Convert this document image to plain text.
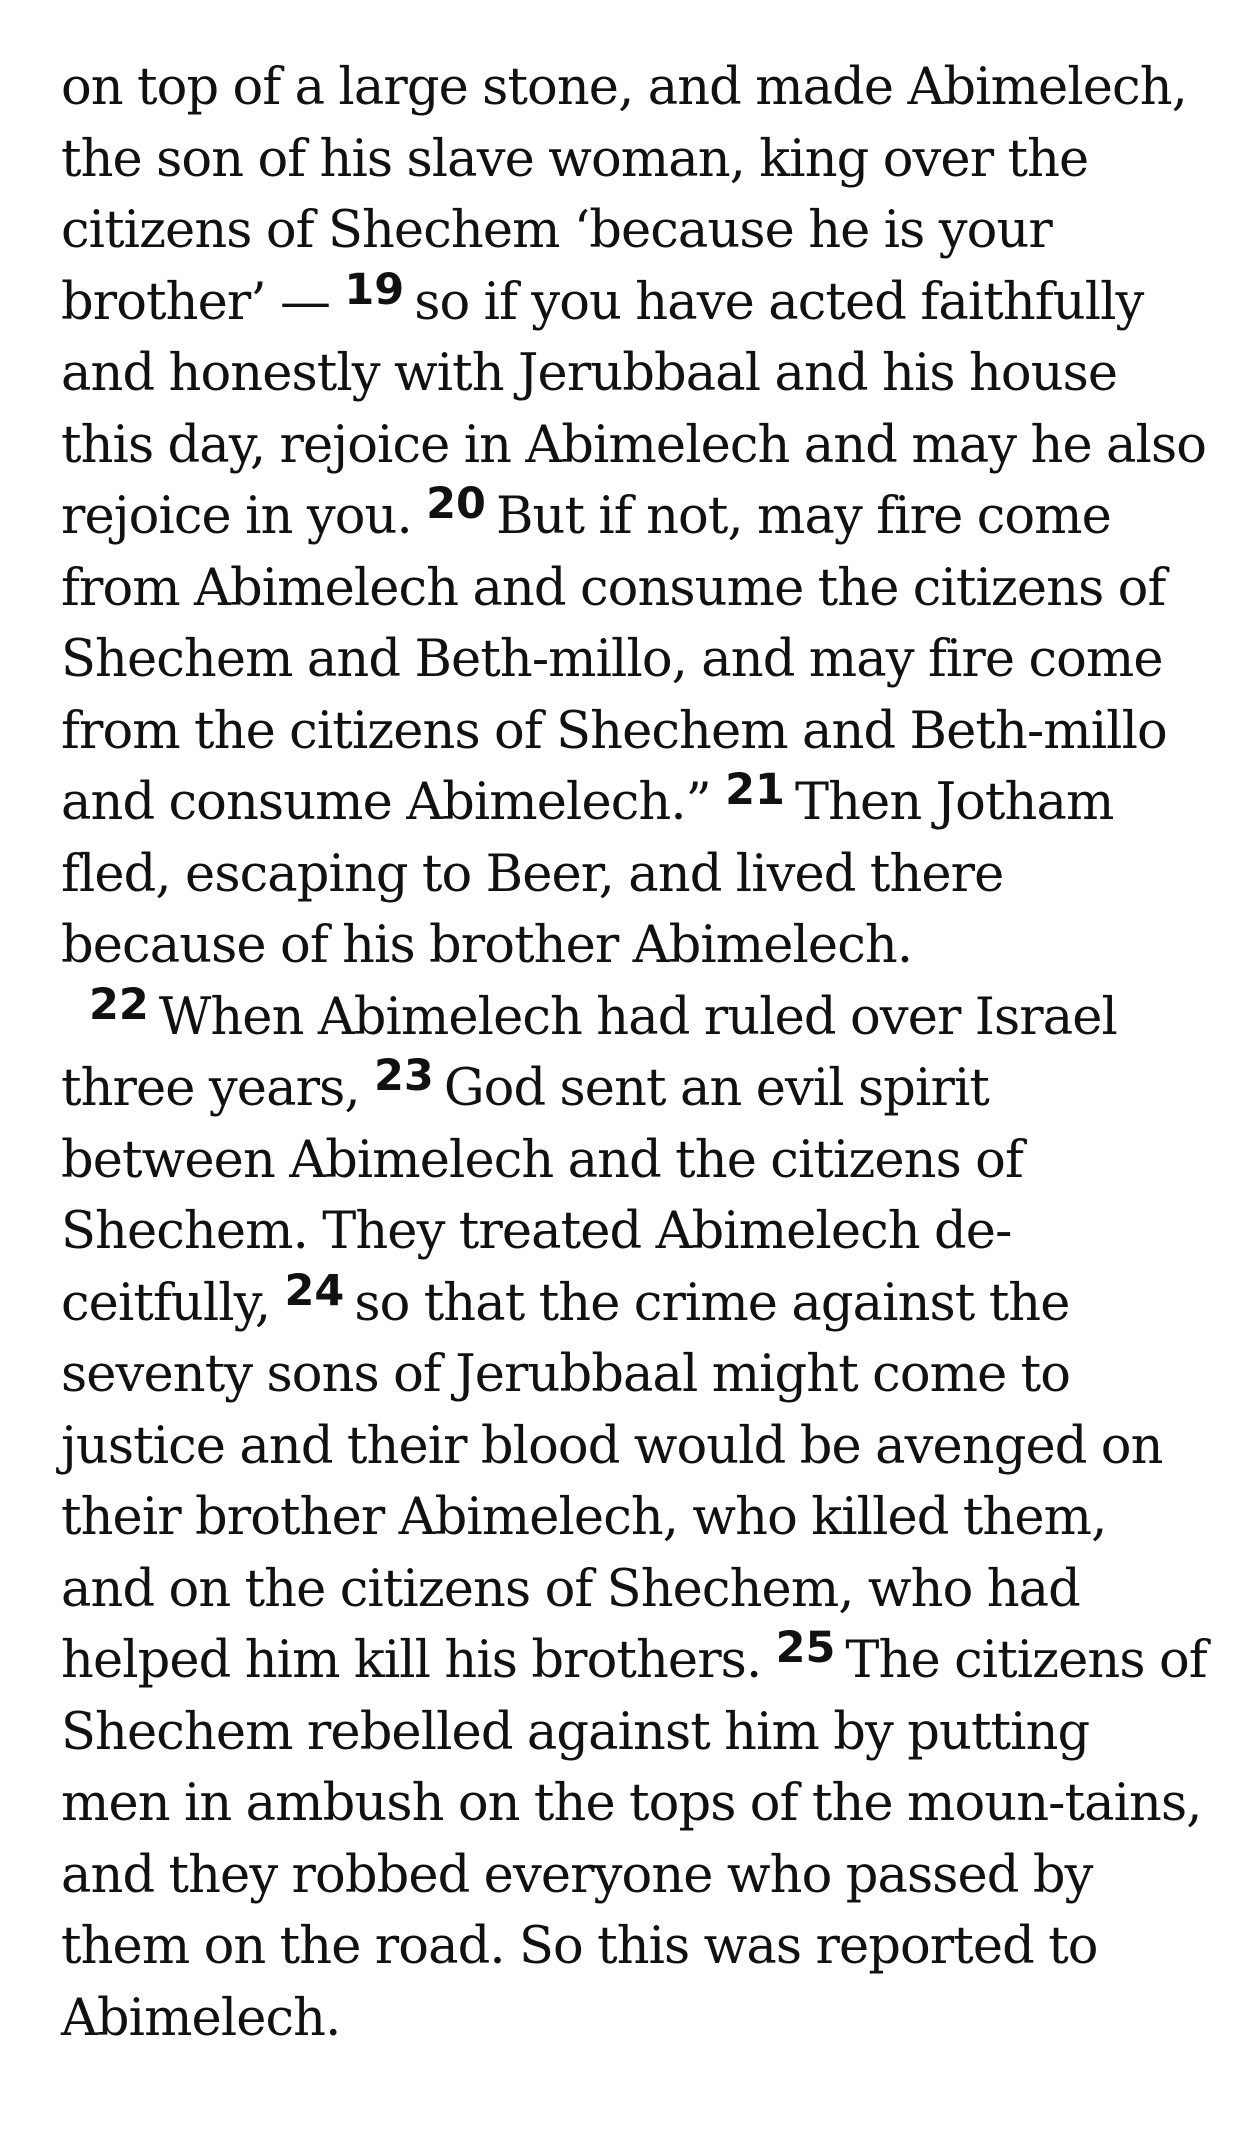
on top of a large stone, and made Abimelech, the son of his slave woman, king over the citizens of Shechem ‘because he is your brother’ — $^{19}$ so if you have acted faithfully and honestly with Jerubbaal and his house this day, rejoice in Abimelech and may he also rejoice in you. $^{20}$ But if not, may fire come from Abimelech and consume the citizens of Shechem and Beth-millo, and may fire come from the citizens of Shechem and Beth-millo and consume Abimelech.” $^{21}$ Then Jotham fled, escaping to Beer, and lived there because of his brother Abimelech.

$^{22}$ When Abimelech had ruled over Israel three years, $^{23}$ God sent an evil spirit between Abimelech and the citizens of Shechem. They treated Abimelech de-ceitfully, $^{24}$ so that the crime against the seventy sons of Jerubbaal might come to justice and their blood would be avenged on their brother Abimelech, who killed them, and on the citizens of Shechem, who had helped him kill his brothers. $^{25}$ The citizens of Shechem rebelled against him by putting men in ambush on the tops of the moun-tains, and they robbed everyone who passed by them on the road. So this was reported to Abimelech.
